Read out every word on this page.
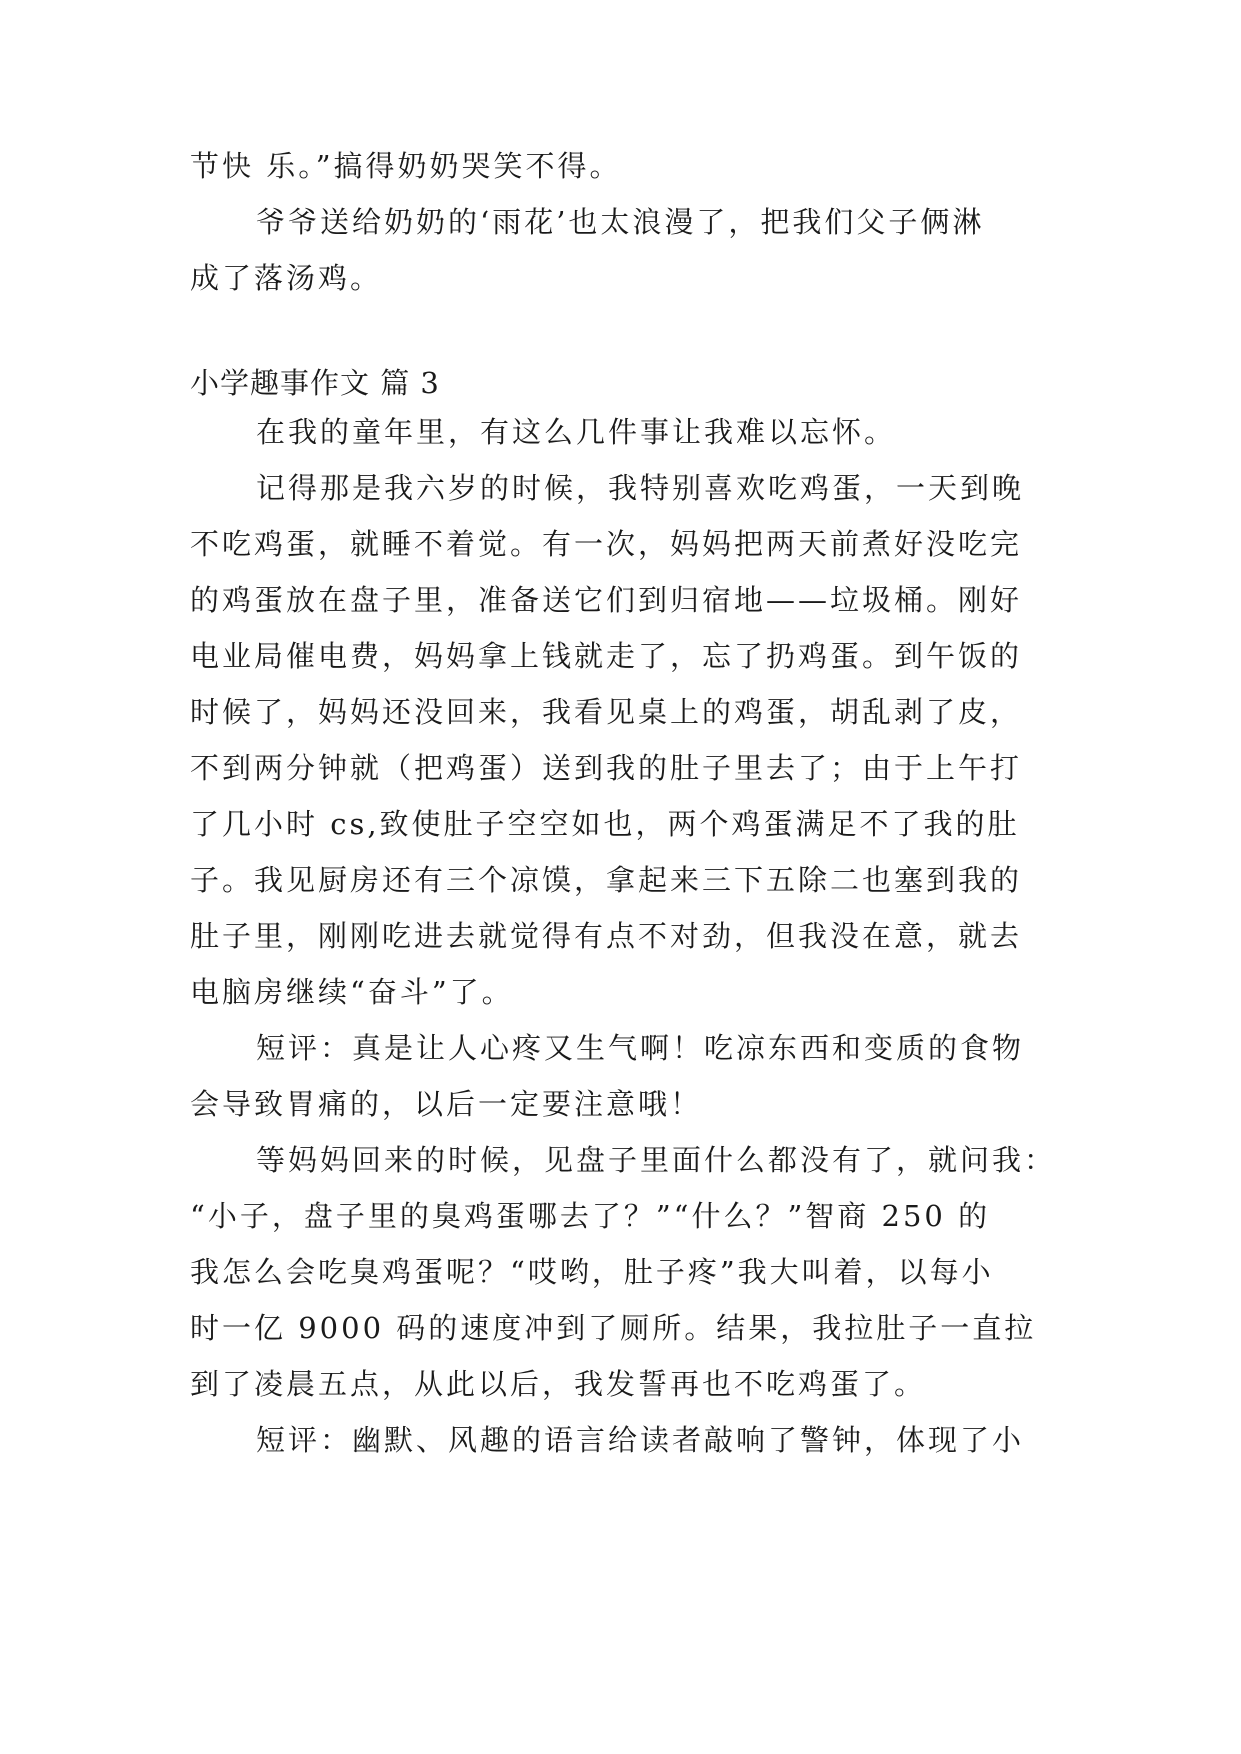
节快 乐。”搞得奶奶哭笑不得。

爷爷送给奶奶的‘雨花’也太浪漫了，把我们父子俩淋

成了落汤鸡。

小学趣事作文 篇 3

在我的童年里，有这么几件事让我难以忘怀。

记得那是我六岁的时候，我特别喜欢吃鸡蛋，一天到晚

不吃鸡蛋，就睡不着觉。有一次，妈妈把两天前煮好没吃完

的鸡蛋放在盘子里，准备送它们到归宿地——垃圾桶。刚好

电业局催电费，妈妈拿上钱就走了，忘了扔鸡蛋。到午饭的

时候了，妈妈还没回来，我看见桌上的鸡蛋，胡乱剥了皮，

不到两分钟就（把鸡蛋）送到我的肚子里去了；由于上午打

了几小时 cs,致使肚子空空如也，两个鸡蛋满足不了我的肚

子。我见厨房还有三个凉馍，拿起来三下五除二也塞到我的

肚子里，刚刚吃进去就觉得有点不对劲，但我没在意，就去

电脑房继续“奋斗”了。

短评：真是让人心疼又生气啊！吃凉东西和变质的食物

会导致胃痛的，以后一定要注意哦！

等妈妈回来的时候，见盘子里面什么都没有了，就问我：

“小子，盘子里的臭鸡蛋哪去了？”“什么？”智商 250 的

我怎么会吃臭鸡蛋呢？“哎哟，肚子疼”我大叫着，以每小

时一亿 9000 码的速度冲到了厕所。结果，我拉肚子一直拉

到了凌晨五点，从此以后，我发誓再也不吃鸡蛋了。

短评：幽默、风趣的语言给读者敲响了警钟，体现了小
